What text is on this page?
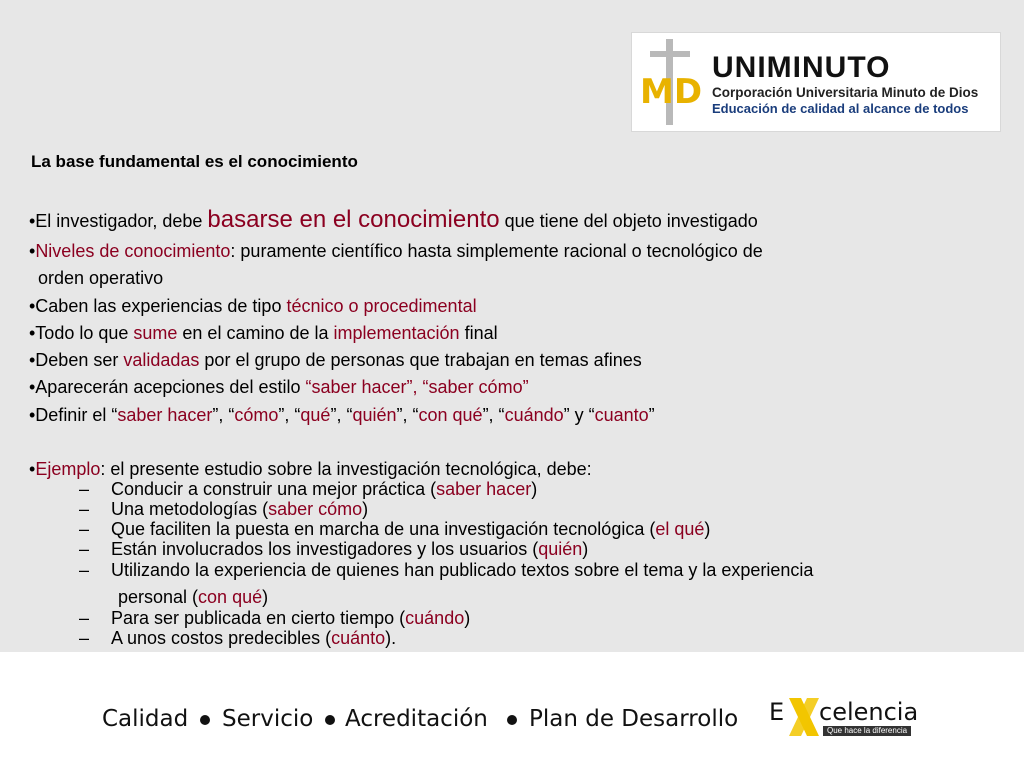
MD
UNIMINUTO
Corporación Universitaria Minuto de Dios
Educación de calidad al alcance de todos
La base fundamental es el conocimiento
•El investigador, debe basarse en el conocimiento que tiene del objeto investigado
•Niveles de conocimiento: puramente científico hasta simplemente racional o tecnológico de
orden operativo
•Caben las experiencias de tipo técnico o procedimental
•Todo lo que sume en el camino de la implementación final
•Deben ser validadas por el grupo de personas que trabajan en temas afines
•Aparecerán acepciones del estilo “saber hacer”, “saber cómo”
•Definir el “saber hacer”, “cómo”, “qué”, “quién”, “con qué”, “cuándo” y “cuanto”
•Ejemplo: el presente estudio sobre la investigación tecnológica, debe:
– Conducir a construir una mejor práctica (saber hacer)
– Una metodologías (saber cómo)
– Que faciliten la puesta en marcha de una investigación tecnológica (el qué)
– Están involucrados los investigadores y los usuarios (quién)
– Utilizando la experiencia de quienes han publicado textos sobre el tema y la experiencia
personal (con qué)
– Para ser publicada en cierto tiempo (cuándo)
– A unos costos predecibles (cuánto).
Calidad Servicio Acreditación Plan de Desarrollo E celencia
Que hace la diferencia
